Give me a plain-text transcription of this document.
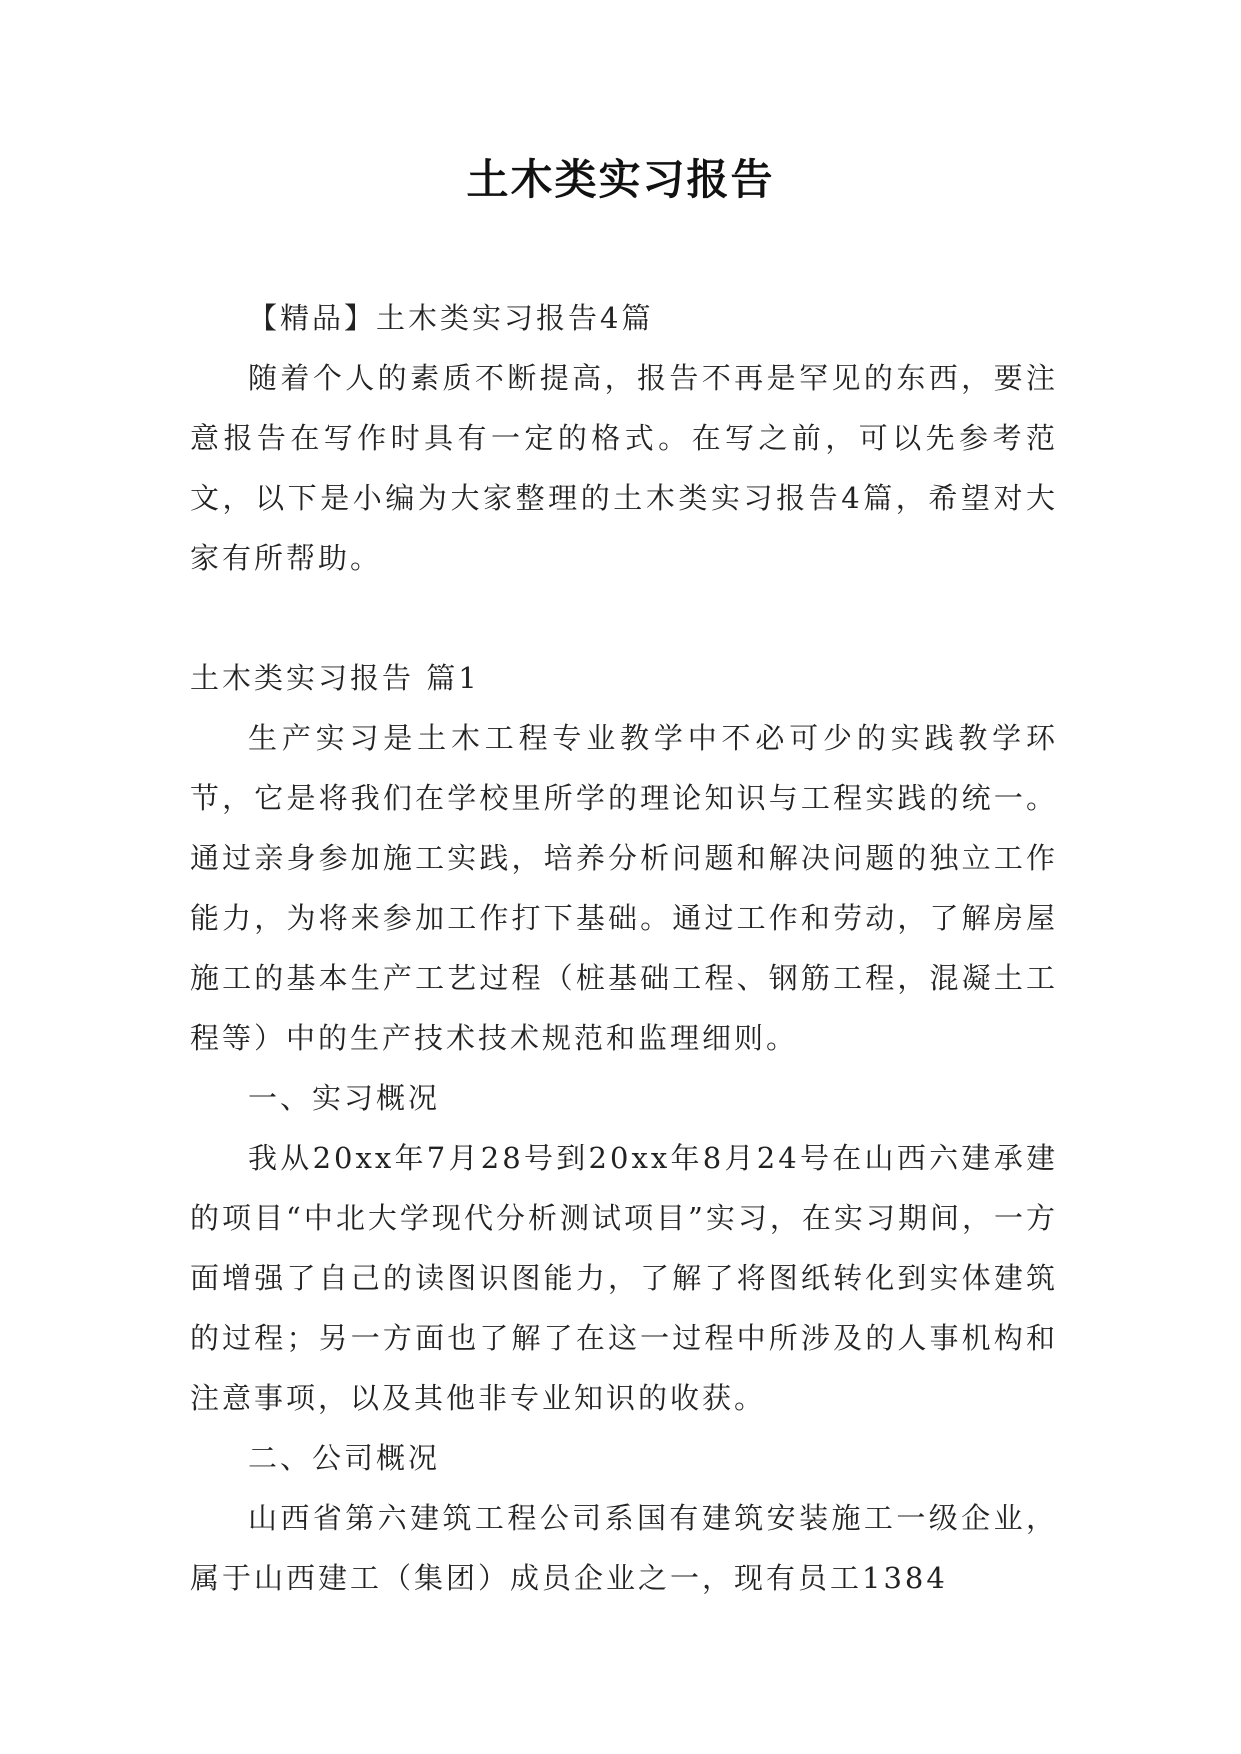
土木类实习报告

【精品】土木类实习报告4篇

随着个人的素质不断提高，报告不再是罕见的东西，要注意报告在写作时具有一定的格式。在写之前，可以先参考范文，以下是小编为大家整理的土木类实习报告4篇，希望对大家有所帮助。

土木类实习报告 篇1

生产实习是土木工程专业教学中不必可少的实践教学环节，它是将我们在学校里所学的理论知识与工程实践的统一。通过亲身参加施工实践，培养分析问题和解决问题的独立工作能力，为将来参加工作打下基础。通过工作和劳动，了解房屋施工的基本生产工艺过程（桩基础工程、钢筋工程，混凝土工程等）中的生产技术技术规范和监理细则。

一、实习概况

我从20xx年7月28号到20xx年8月24号在山西六建承建的项目“中北大学现代分析测试项目”实习，在实习期间，一方面增强了自己的读图识图能力，了解了将图纸转化到实体建筑的过程；另一方面也了解了在这一过程中所涉及的人事机构和注意事项，以及其他非专业知识的收获。

二、公司概况

山西省第六建筑工程公司系国有建筑安装施工一级企业，属于山西建工（集团）成员企业之一，现有员工1384
